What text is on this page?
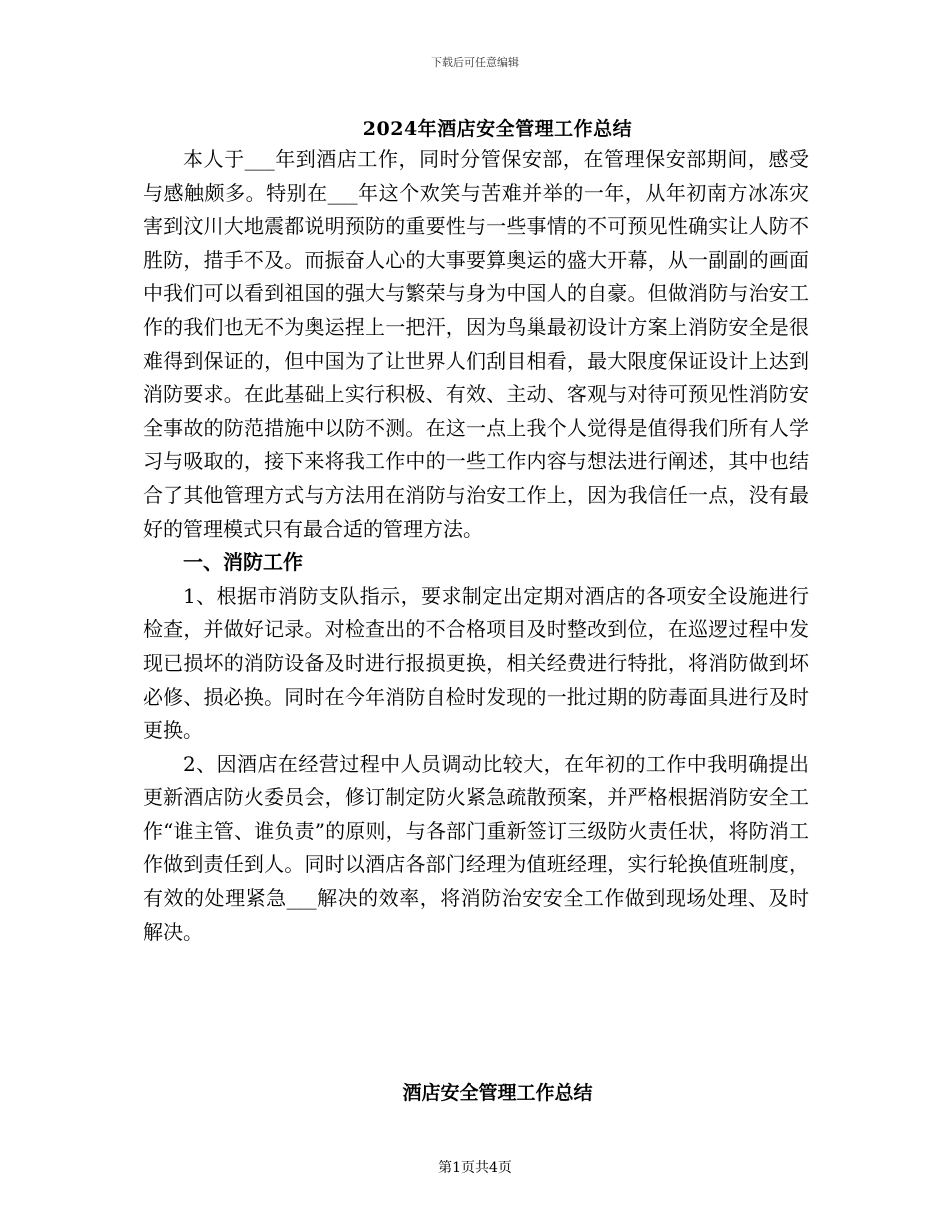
下载后可任意编辑
2024年酒店安全管理工作总结

本人于___年到酒店工作，同时分管保安部，在管理保安部期间，感受与感触颇多。特别在___年这个欢笑与苦难并举的一年，从年初南方冰冻灾害到汶川大地震都说明预防的重要性与一些事情的不可预见性确实让人防不胜防，措手不及。而振奋人心的大事要算奥运的盛大开幕，从一副副的画面中我们可以看到祖国的强大与繁荣与身为中国人的自豪。但做消防与治安工作的我们也无不为奥运捏上一把汗，因为鸟巢最初设计方案上消防安全是很难得到保证的，但中国为了让世界人们刮目相看，最大限度保证设计上达到消防要求。在此基础上实行积极、有效、主动、客观与对待可预见性消防安全事故的防范措施中以防不测。在这一点上我个人觉得是值得我们所有人学习与吸取的，接下来将我工作中的一些工作内容与想法进行阐述，其中也结合了其他管理方式与方法用在消防与治安工作上，因为我信任一点，没有最好的管理模式只有最合适的管理方法。

一、消防工作

1、根据市消防支队指示，要求制定出定期对酒店的各项安全设施进行检查，并做好记录。对检查出的不合格项目及时整改到位，在巡逻过程中发现已损坏的消防设备及时进行报损更换，相关经费进行特批，将消防做到坏必修、损必换。同时在今年消防自检时发现的一批过期的防毒面具进行及时更换。

2、因酒店在经营过程中人员调动比较大，在年初的工作中我明确提出更新酒店防火委员会，修订制定防火紧急疏散预案，并严格根据消防安全工作“谁主管、谁负责”的原则，与各部门重新签订三级防火责任状，将防消工作做到责任到人。同时以酒店各部门经理为值班经理，实行轮换值班制度，有效的处理紧急___解决的效率，将消防治安安全工作做到现场处理、及时解决。

酒店安全管理工作总结
第1页共4页
